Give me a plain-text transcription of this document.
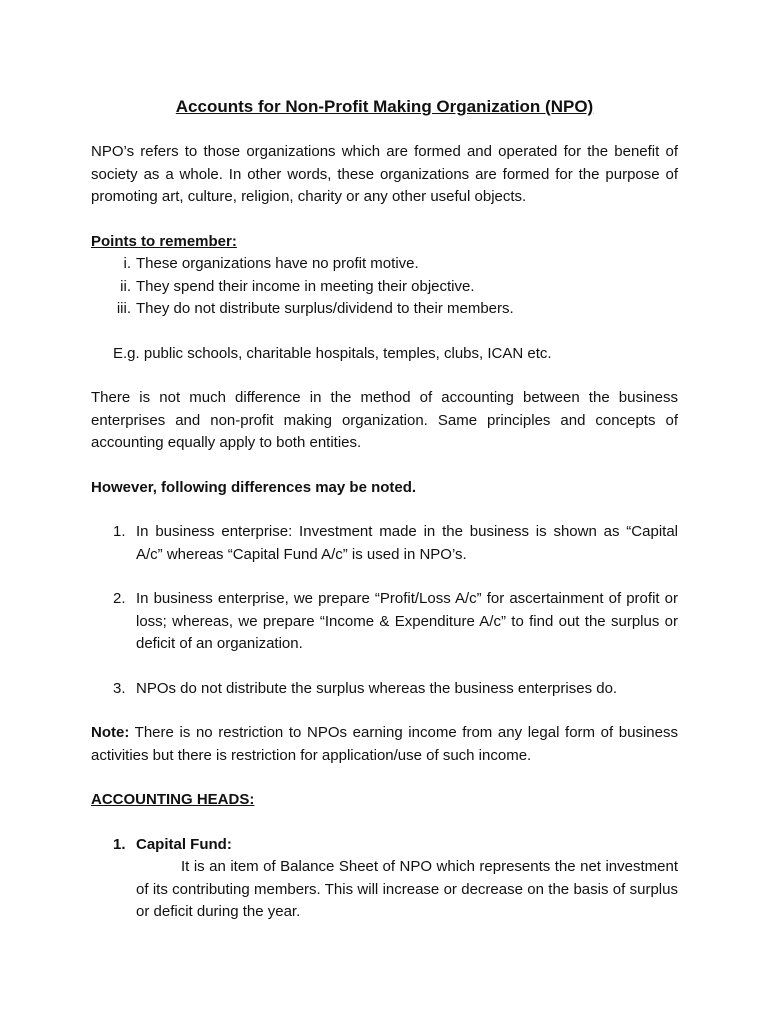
Accounts for Non-Profit Making Organization (NPO)

NPO’s refers to those organizations which are formed and operated for the benefit of society as a whole. In other words, these organizations are formed for the purpose of promoting art, culture, religion, charity or any other useful objects.

Points to remember:
i. These organizations have no profit motive.
ii. They spend their income in meeting their objective.
iii. They do not distribute surplus/dividend to their members.
E.g. public schools, charitable hospitals, temples, clubs, ICAN etc.

There is not much difference in the method of accounting between the business enterprises and non-profit making organization. Same principles and concepts of accounting equally apply to both entities.

However, following differences may be noted.
1. In business enterprise: Investment made in the business is shown as “Capital A/c” whereas “Capital Fund A/c” is used in NPO’s.
2. In business enterprise, we prepare “Profit/Loss A/c” for ascertainment of profit or loss; whereas, we prepare “Income & Expenditure A/c” to find out the surplus or deficit of an organization.
3. NPOs do not distribute the surplus whereas the business enterprises do.

Note: There is no restriction to NPOs earning income from any legal form of business activities but there is restriction for application/use of such income.

ACCOUNTING HEADS:
1. Capital Fund:

It is an item of Balance Sheet of NPO which represents the net investment of its contributing members. This will increase or decrease on the basis of surplus or deficit during the year.
